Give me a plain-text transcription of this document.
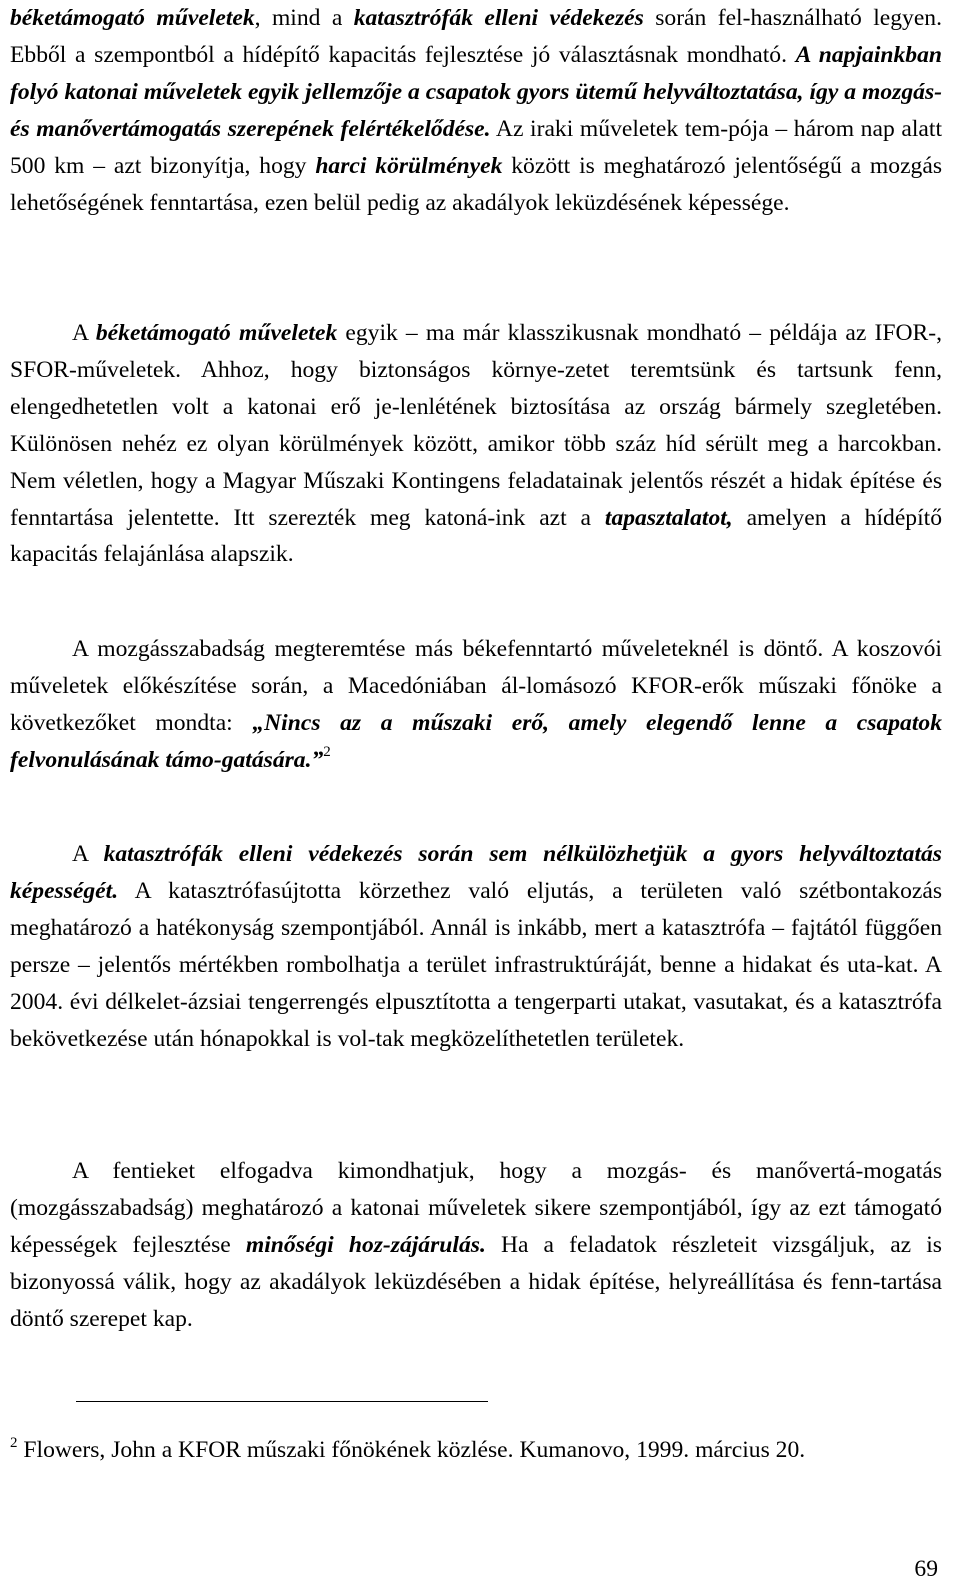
béketámogató műveletek, mind a katasztrófák elleni védekezés során fel-használható legyen. Ebből a szempontból a hídépítő kapacitás fejlesztése jó választásnak mondható. A napjainkban folyó katonai műveletek egyik jellemzője a csapatok gyors ütemű helyváltoztatása, így a mozgás- és manővertámogatás szerepének felértékelődése. Az iraki műveletek tem-pója – három nap alatt 500 km – azt bizonyítja, hogy harci körülmények között is meghatározó jelentőségű a mozgás lehetőségének fenntartása, ezen belül pedig az akadályok leküzdésének képessége.

A béketámogató műveletek egyik – ma már klasszikusnak mondható – példája az IFOR-, SFOR-műveletek. Ahhoz, hogy biztonságos környe-zetet teremtsünk és tartsunk fenn, elengedhetetlen volt a katonai erő je-lenlétének biztosítása az ország bármely szegletében. Különösen nehéz ez olyan körülmények között, amikor több száz híd sérült meg a harcokban. Nem véletlen, hogy a Magyar Műszaki Kontingens feladatainak jelentős részét a hidak építése és fenntartása jelentette. Itt szerezték meg katoná-ink azt a tapasztalatot, amelyen a hídépítő kapacitás felajánlása alapszik.

A mozgásszabadság megteremtése más békefenntartó műveleteknél is döntő. A koszovói műveletek előkészítése során, a Macedóniában ál-lomásozó KFOR-erők műszaki főnöke a következőket mondta: „Nincs az a műszaki erő, amely elegendő lenne a csapatok felvonulásának támo-gatására.”$^2$

A katasztrófák elleni védekezés során sem nélkülözhetjük a gyors helyváltoztatás képességét. A katasztrófasújtotta körzethez való eljutás, a területen való szétbontakozás meghatározó a hatékonyság szempontjából. Annál is inkább, mert a katasztrófa – fajtától függően persze – jelentős mértékben rombolhatja a terület infrastruktúráját, benne a hidakat és uta-kat. A 2004. évi délkelet-ázsiai tengerrengés elpusztította a tengerparti utakat, vasutakat, és a katasztrófa bekövetkezése után hónapokkal is vol-tak megközelíthetetlen területek.

A fentieket elfogadva kimondhatjuk, hogy a mozgás- és manővertá-mogatás (mozgásszabadság) meghatározó a katonai műveletek sikere szempontjából, így az ezt támogató képességek fejlesztése minőségi hoz-zájárulás. Ha a feladatok részleteit vizsgáljuk, az is bizonyossá válik, hogy az akadályok leküzdésében a hidak építése, helyreállítása és fenn-tartása döntő szerepet kap.

$^2$ Flowers, John a KFOR műszaki főnökének közlése. Kumanovo, 1999. március 20.

69
